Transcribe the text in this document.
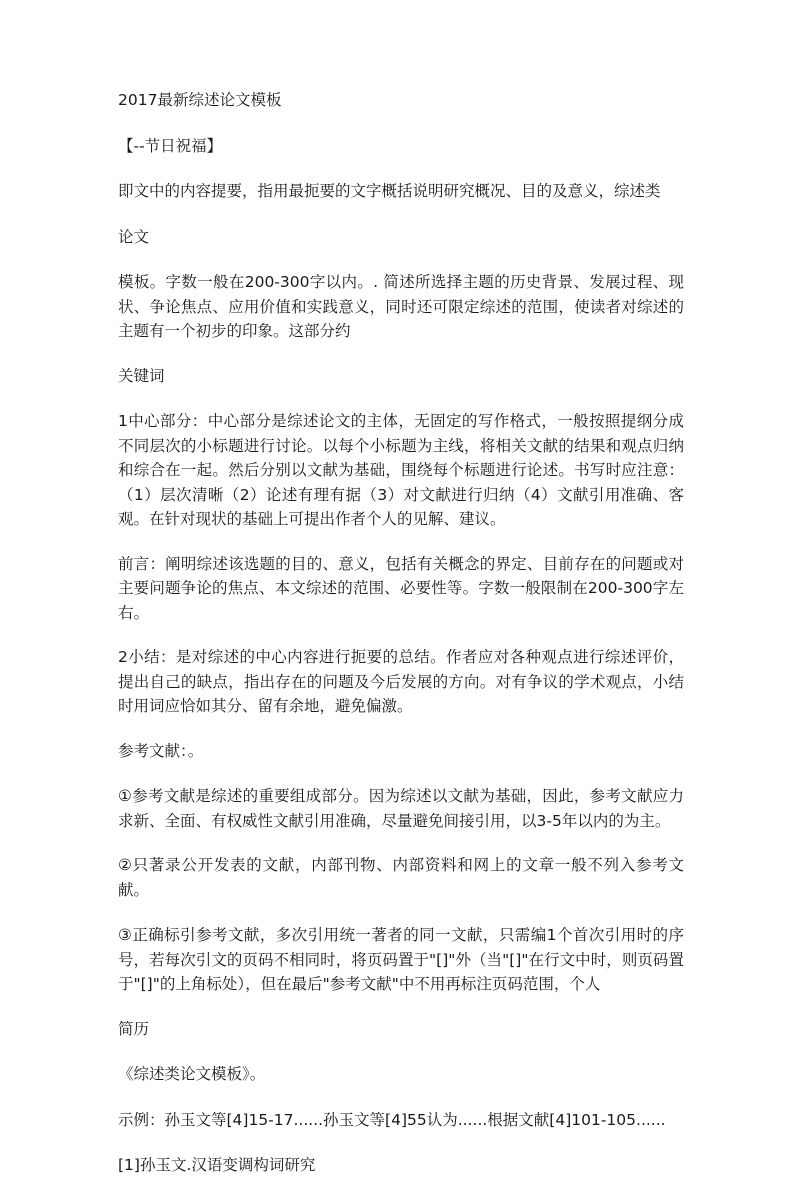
2017最新综述论文模板

【--节日祝福】

即文中的内容提要，指用最扼要的文字概括说明研究概况、目的及意义，综述类

论文

模板。字数一般在200-300字以内。. 简述所选择主题的历史背景、发展过程、现状、争论焦点、应用价值和实践意义，同时还可限定综述的范围，使读者对综述的主题有一个初步的印象。这部分约

关键词

1中心部分：中心部分是综述论文的主体，无固定的写作格式，一般按照提纲分成不同层次的小标题进行讨论。以每个小标题为主线，将相关文献的结果和观点归纳和综合在一起。然后分别以文献为基础，围绕每个标题进行论述。书写时应注意：（1）层次清晰（2）论述有理有据（3）对文献进行归纳（4）文献引用准确、客观。在针对现状的基础上可提出作者个人的见解、建议。

前言：阐明综述该选题的目的、意义，包括有关概念的界定、目前存在的问题或对主要问题争论的焦点、本文综述的范围、必要性等。字数一般限制在200-300字左右。

2小结：是对综述的中心内容进行扼要的总结。作者应对各种观点进行综述评价，提出自己的缺点，指出存在的问题及今后发展的方向。对有争议的学术观点，小结时用词应恰如其分、留有余地，避免偏激。

参考文献：。

①参考文献是综述的重要组成部分。因为综述以文献为基础，因此，参考文献应力求新、全面、有权威性文献引用准确，尽量避免间接引用，以3-5年以内的为主。

②只著录公开发表的文献，内部刊物、内部资料和网上的文章一般不列入参考文献。

③正确标引参考文献，多次引用统一著者的同一文献，只需编1个首次引用时的序号，若每次引文的页码不相同时，将页码置于"[]"外（当"[]"在行文中时，则页码置于"[]"的上角标处），但在最后"参考文献"中不用再标注页码范围，个人

简历

《综述类论文模板》。

示例：孙玉文等[4]15-17......孙玉文等[4]55认为......根据文献[4]101-105......

[1]孙玉文.汉语变调构词研究
